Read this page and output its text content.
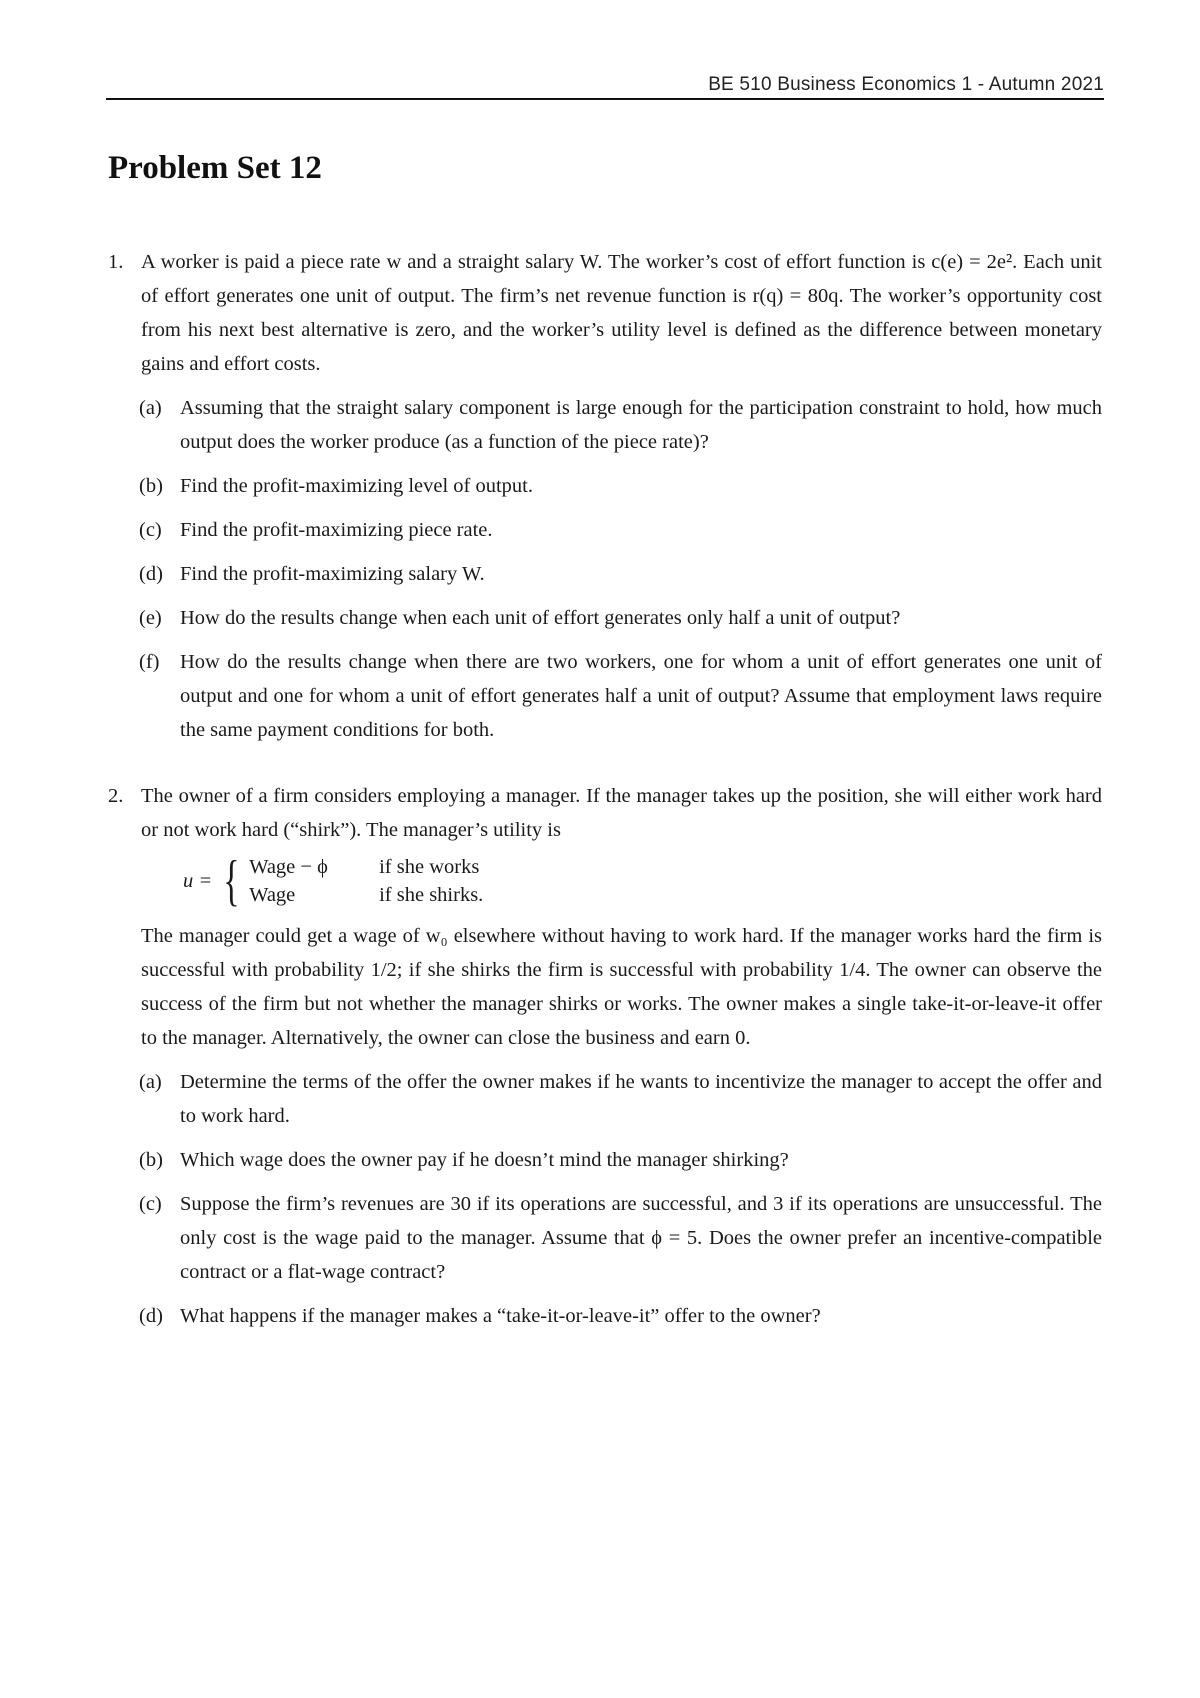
BE 510 Business Economics 1 - Autumn 2021
Problem Set 12
1. A worker is paid a piece rate w and a straight salary W. The worker’s cost of effort function is c(e) = 2e². Each unit of effort generates one unit of output. The firm’s net revenue function is r(q) = 80q. The worker’s opportunity cost from his next best alternative is zero, and the worker’s utility level is defined as the difference between monetary gains and effort costs.
(a) Assuming that the straight salary component is large enough for the participation constraint to hold, how much output does the worker produce (as a function of the piece rate)?
(b) Find the profit-maximizing level of output.
(c) Find the profit-maximizing piece rate.
(d) Find the profit-maximizing salary W.
(e) How do the results change when each unit of effort generates only half a unit of output?
(f) How do the results change when there are two workers, one for whom a unit of effort generates one unit of output and one for whom a unit of effort generates half a unit of output? Assume that employment laws require the same payment conditions for both.
2. The owner of a firm considers employing a manager. If the manager takes up the position, she will either work hard or not work hard (“shirk”). The manager’s utility is
u = { Wage − ϕ	if she works
Wage	if she shirks.
The manager could get a wage of w₀ elsewhere without having to work hard. If the manager works hard the firm is successful with probability 1/2; if she shirks the firm is successful with probability 1/4. The owner can observe the success of the firm but not whether the manager shirks or works. The owner makes a single take-it-or-leave-it offer to the manager. Alternatively, the owner can close the business and earn 0.
(a) Determine the terms of the offer the owner makes if he wants to incentivize the manager to accept the offer and to work hard.
(b) Which wage does the owner pay if he doesn’t mind the manager shirking?
(c) Suppose the firm’s revenues are 30 if its operations are successful, and 3 if its operations are unsuccessful. The only cost is the wage paid to the manager. Assume that ϕ = 5. Does the owner prefer an incentive-compatible contract or a flat-wage contract?
(d) What happens if the manager makes a “take-it-or-leave-it” offer to the owner?
